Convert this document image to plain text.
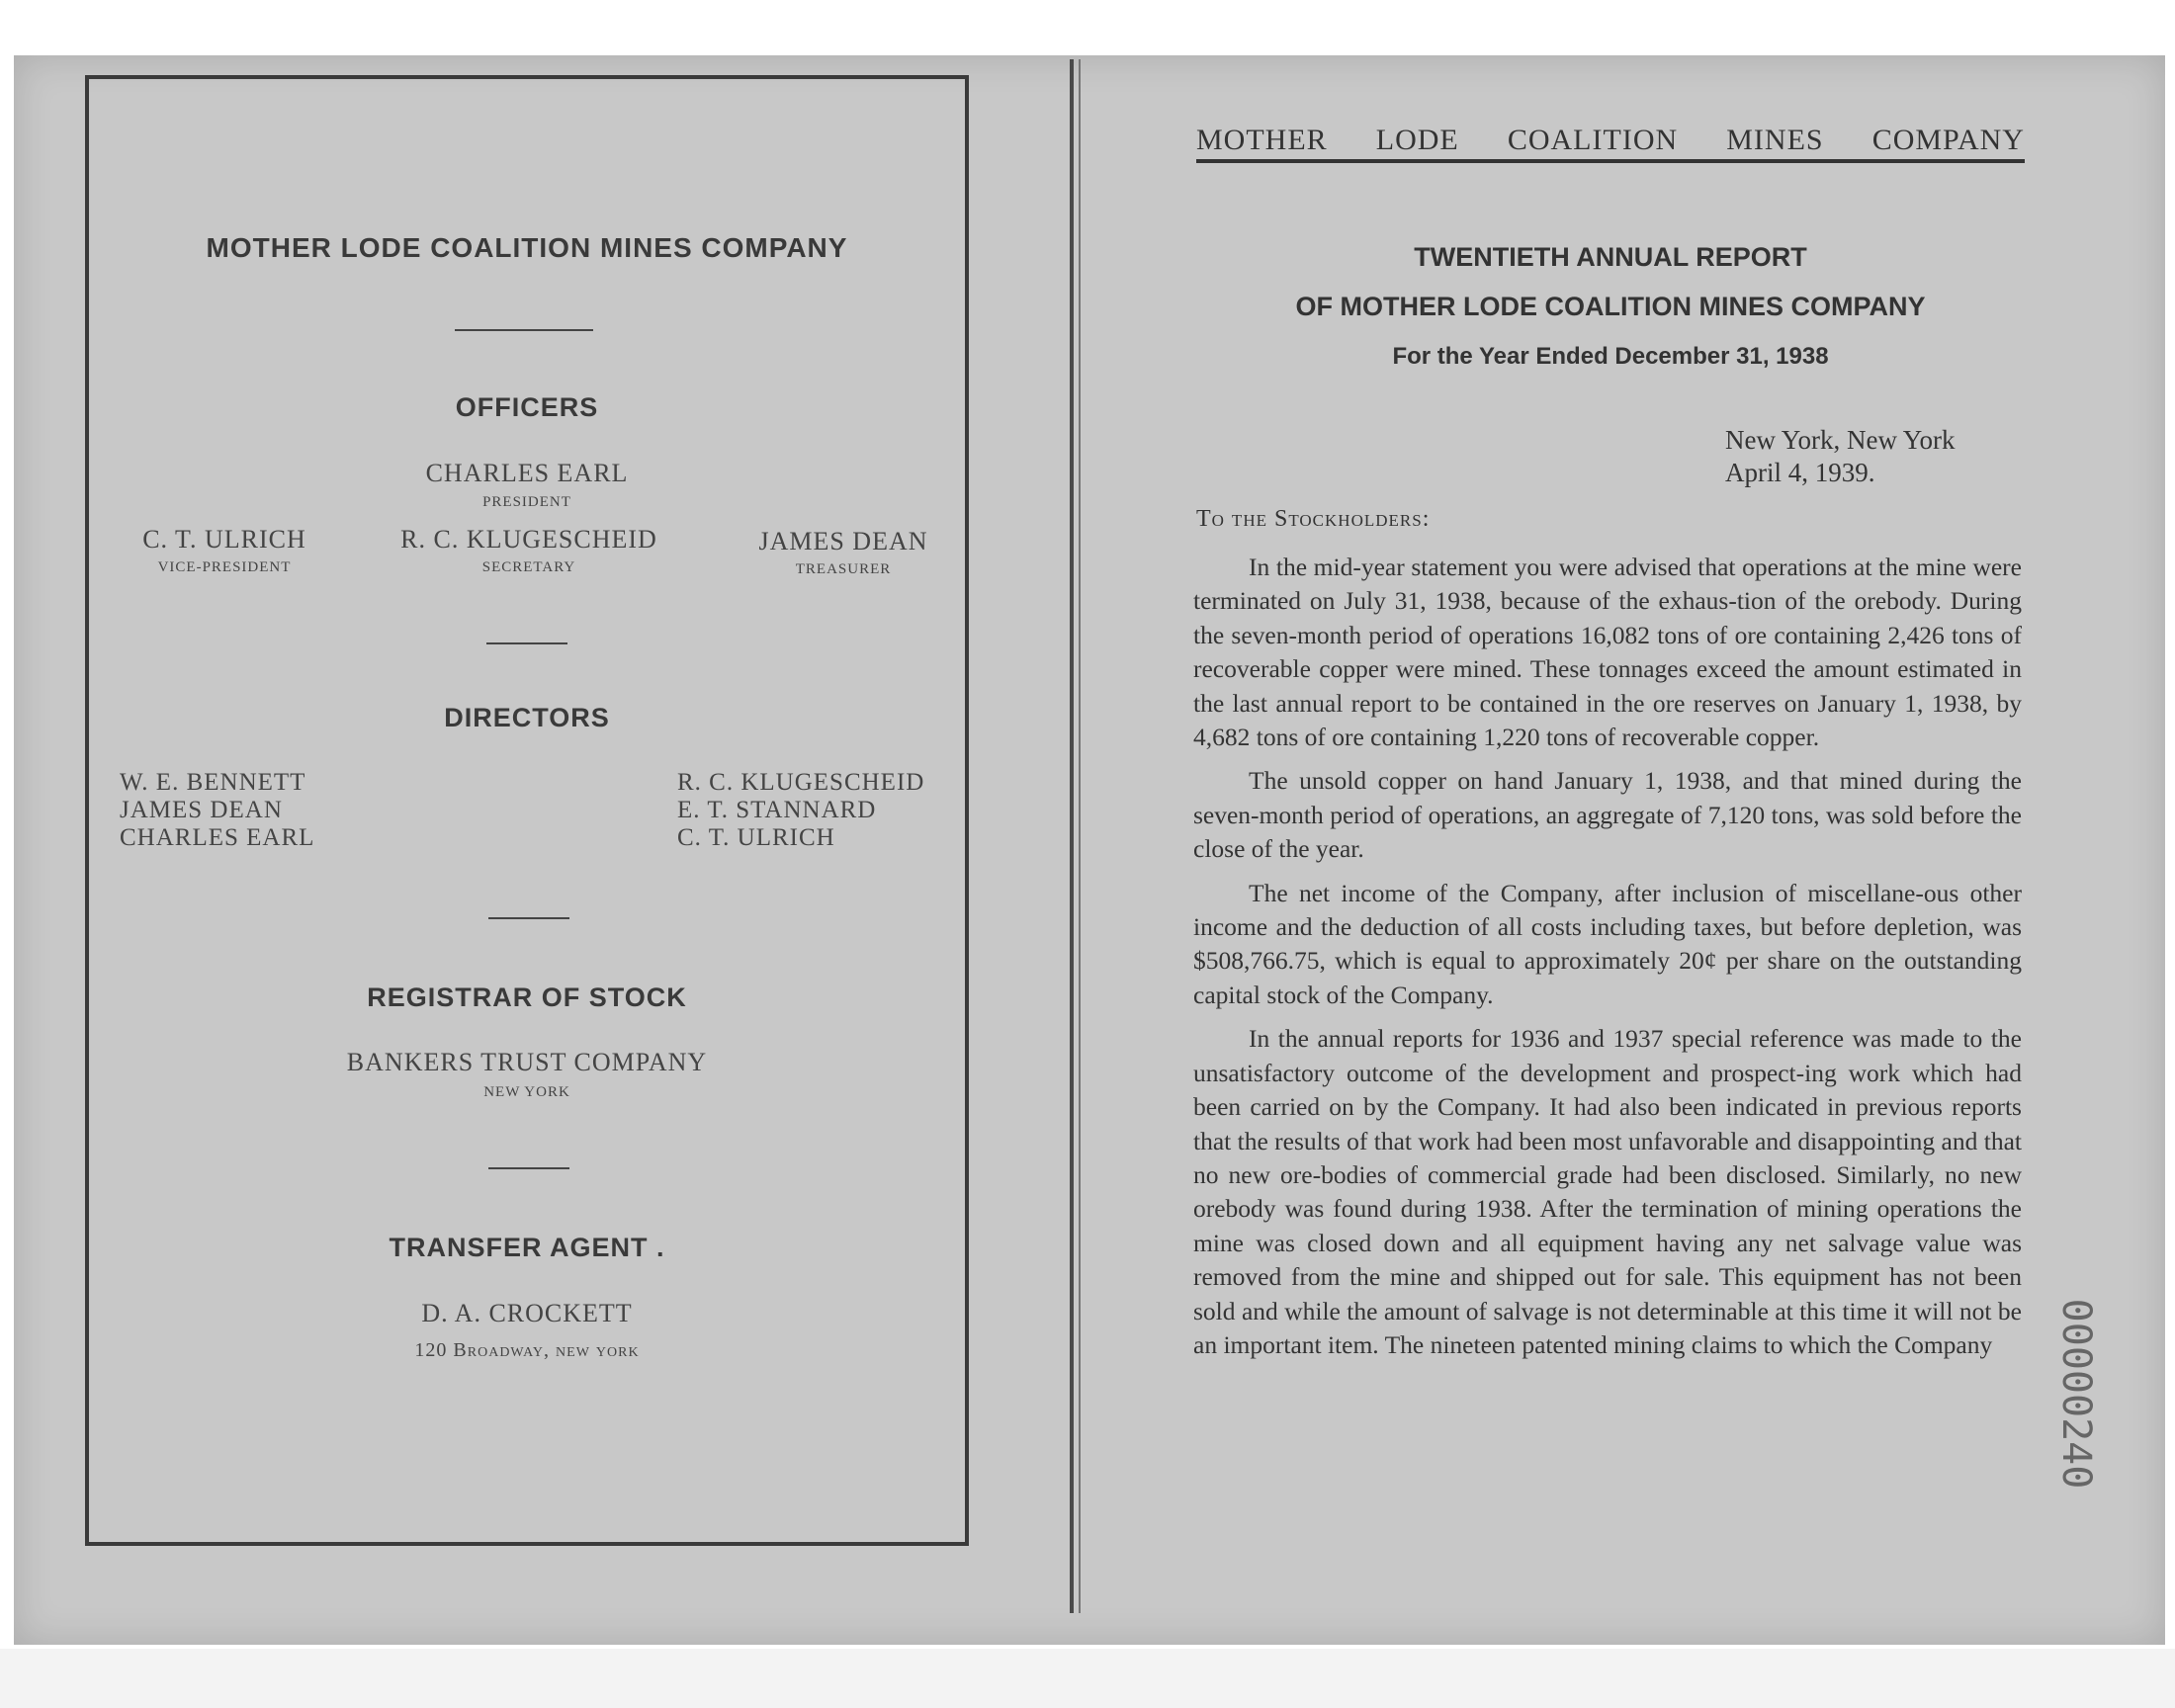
MOTHER LODE COALITION MINES COMPANY
OFFICERS
CHARLES EARL
PRESIDENT
C. T. ULRICH
VICE-PRESIDENT
R. C. KLUGESCHEID
SECRETARY
JAMES DEAN
TREASURER
DIRECTORS
W. E. BENNETT
JAMES DEAN
CHARLES EARL
R. C. KLUGESCHEID
E. T. STANNARD
C. T. ULRICH
REGISTRAR OF STOCK
BANKERS TRUST COMPANY
NEW YORK
TRANSFER AGENT .
D. A. CROCKETT
120 Broadway, new york
MOTHER LODE COALITION MINES COMPANY
TWENTIETH ANNUAL REPORT
OF MOTHER LODE COALITION MINES COMPANY
For the Year Ended December 31, 1938
New York, New York
April 4, 1939.
To the Stockholders:

In the mid-year statement you were advised that operations at the mine were terminated on July 31, 1938, because of the exhaus-tion of the orebody. During the seven-month period of operations 16,082 tons of ore containing 2,426 tons of recoverable copper were mined. These tonnages exceed the amount estimated in the last annual report to be contained in the ore reserves on January 1, 1938, by 4,682 tons of ore containing 1,220 tons of recoverable copper.

The unsold copper on hand January 1, 1938, and that mined during the seven-month period of operations, an aggregate of 7,120 tons, was sold before the close of the year.

The net income of the Company, after inclusion of miscellane-ous other income and the deduction of all costs including taxes, but before depletion, was $508,766.75, which is equal to approximately 20¢ per share on the outstanding capital stock of the Company.

In the annual reports for 1936 and 1937 special reference was made to the unsatisfactory outcome of the development and prospect-ing work which had been carried on by the Company. It had also been indicated in previous reports that the results of that work had been most unfavorable and disappointing and that no new ore-bodies of commercial grade had been disclosed. Similarly, no new orebody was found during 1938. After the termination of mining operations the mine was closed down and all equipment having any net salvage value was removed from the mine and shipped out for sale. This equipment has not been sold and while the amount of salvage is not determinable at this time it will not be an important item. The nineteen patented mining claims to which the Company	00000240
